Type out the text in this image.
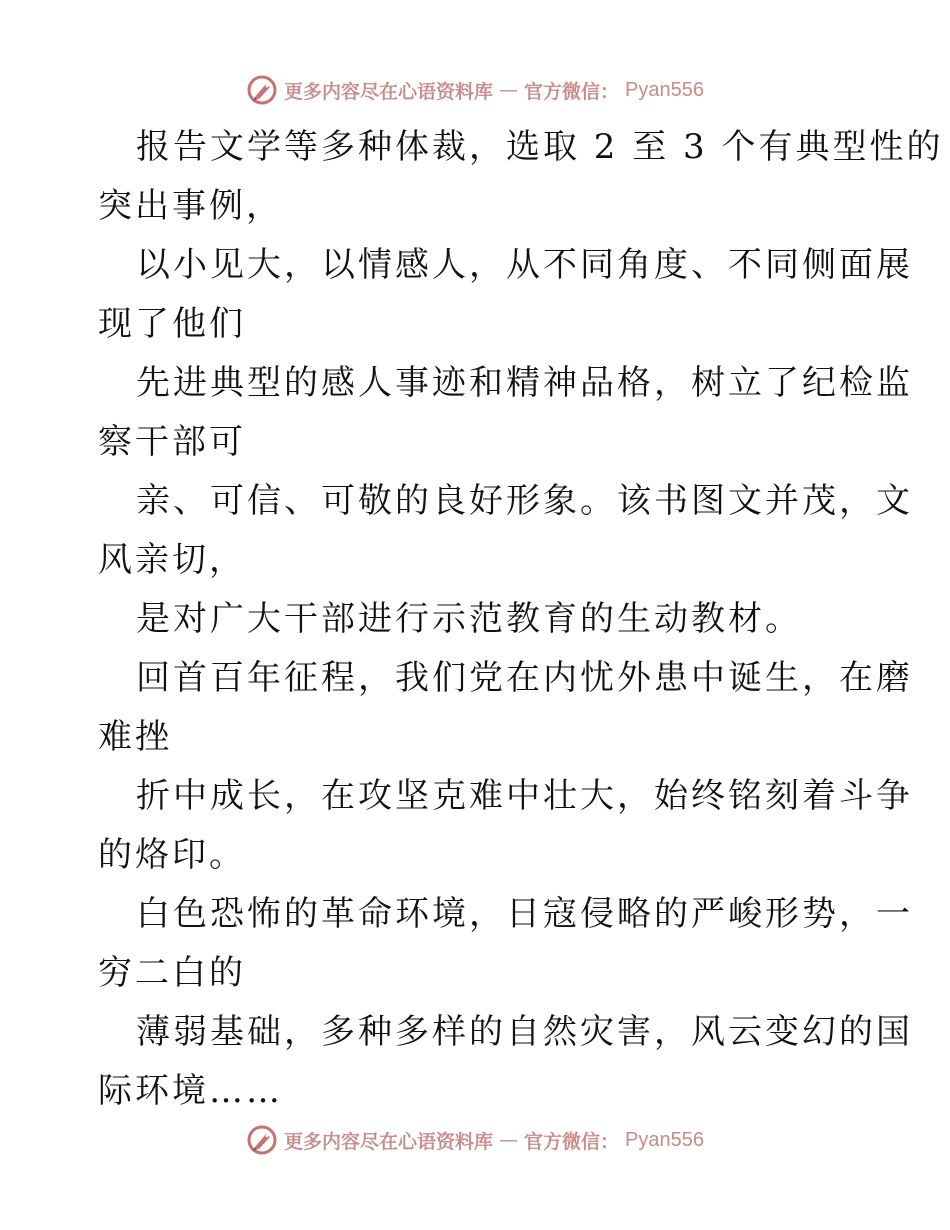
更多内容尽在心语资料库 — 官方微信： Pyan556
报告文学等多种体裁，选取 2 至 3 个有典型性的
突出事例，
以小见大，以情感人，从不同角度、不同侧面展
现了他们
先进典型的感人事迹和精神品格，树立了纪检监
察干部可
亲、可信、可敬的良好形象。该书图文并茂，文
风亲切，
是对广大干部进行示范教育的生动教材。
回首百年征程，我们党在内忧外患中诞生，在磨
难挫
折中成长，在攻坚克难中壮大，始终铭刻着斗争
的烙印。
白色恐怖的革命环境，日寇侵略的严峻形势，一
穷二白的
薄弱基础，多种多样的自然灾害，风云变幻的国
际环境……
更多内容尽在心语资料库 — 官方微信： Pyan556
